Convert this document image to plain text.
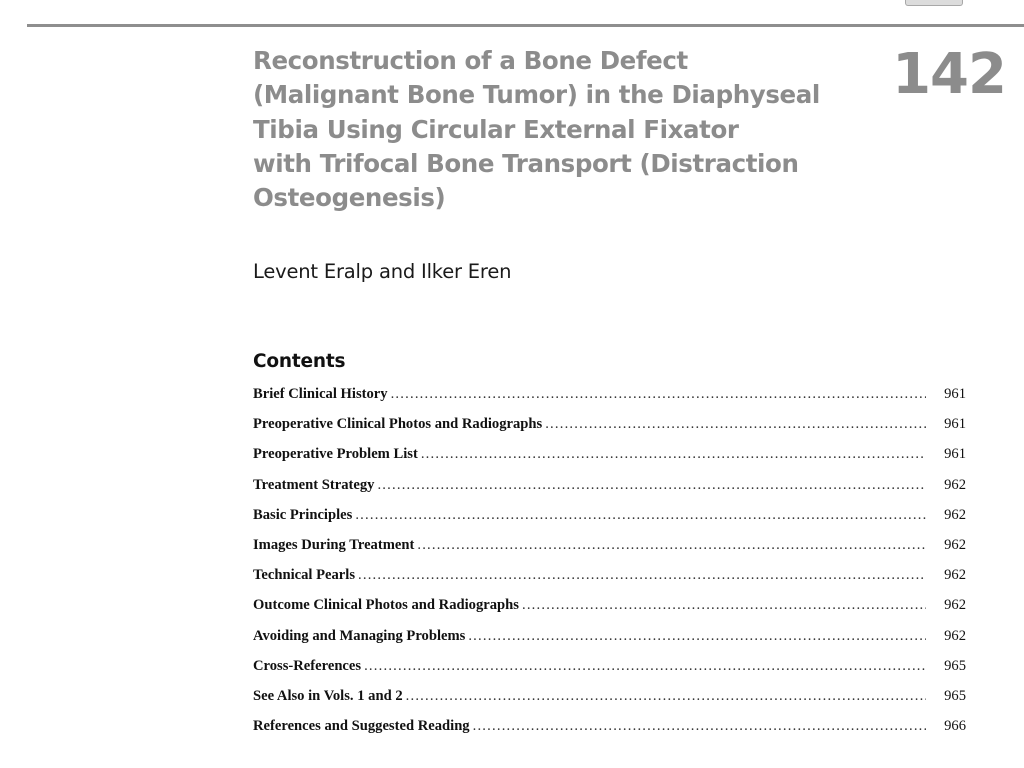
Reconstruction of a Bone Defect
(Malignant Bone Tumor) in the Diaphyseal
Tibia Using Circular External Fixator
with Trifocal Bone Transport (Distraction
Osteogenesis)
142
Levent Eralp and Ilker Eren
Contents
Brief Clinical History .....	961
Preoperative Clinical Photos and Radiographs .....	961
Preoperative Problem List .....	961
Treatment Strategy .....	962
Basic Principles .....	962
Images During Treatment .....	962
Technical Pearls .....	962
Outcome Clinical Photos and Radiographs .....	962
Avoiding and Managing Problems .....	962
Cross-References .....	965
See Also in Vols. 1 and 2 .....	965
References and Suggested Reading .....	966
